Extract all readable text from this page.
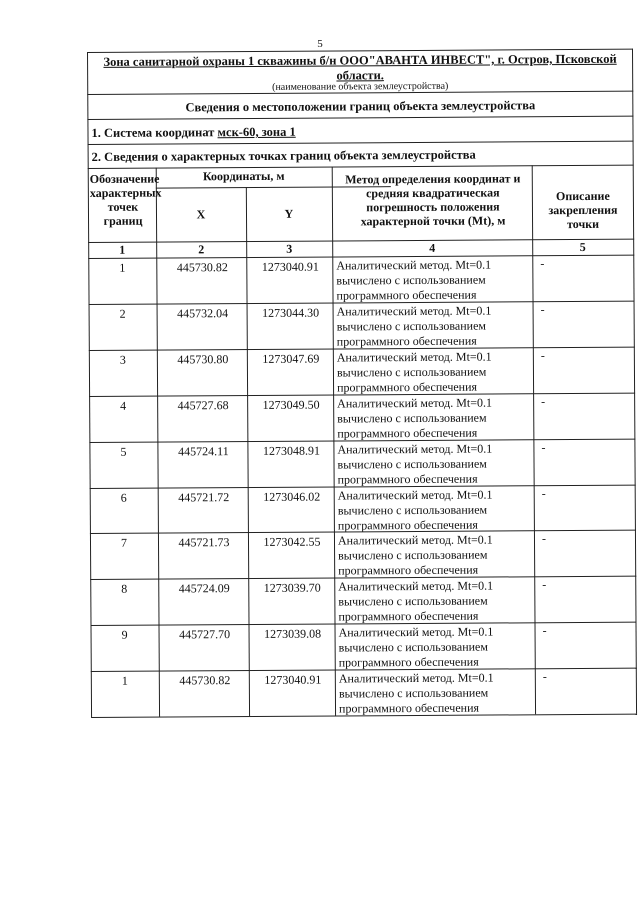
5
Зона санитарной охраны 1 скважины б/н ООО"АВАНТА ИНВЕСТ", г. Остров, Псковской
области.
(наименование объекта землеустройства)
Сведения о местоположении границ объекта землеустройства
1. Система координат мск-60, зона 1
2. Сведения о характерных точках границ объекта землеустройства
Обозначение характерных точек границ
Координаты, м
X	Y
Метод определения координат и средняя квадратическая погрешность положения характерной точки (Mt), м
Описание закрепления точки
1	2	3	4	5
1	445730.82	1273040.91	Аналитический метод. Mt=0.1
вычислено с использованием
программного обеспечения
-
2	445732.04	1273044.30	Аналитический метод. Mt=0.1
вычислено с использованием
программного обеспечения
-
3	445730.80	1273047.69	Аналитический метод. Mt=0.1
вычислено с использованием
программного обеспечения
-
4	445727.68	1273049.50	Аналитический метод. Mt=0.1
вычислено с использованием
программного обеспечения
-
5	445724.11	1273048.91	Аналитический метод. Mt=0.1
вычислено с использованием
программного обеспечения
-
6	445721.72	1273046.02	Аналитический метод. Mt=0.1
вычислено с использованием
программного обеспечения
-
7	445721.73	1273042.55	Аналитический метод. Mt=0.1
вычислено с использованием
программного обеспечения
-
8	445724.09	1273039.70	Аналитический метод. Mt=0.1
вычислено с использованием
программного обеспечения
-
9	445727.70	1273039.08	Аналитический метод. Mt=0.1
вычислено с использованием
программного обеспечения
-
1	445730.82	1273040.91	Аналитический метод. Mt=0.1
вычислено с использованием
программного обеспечения
-
